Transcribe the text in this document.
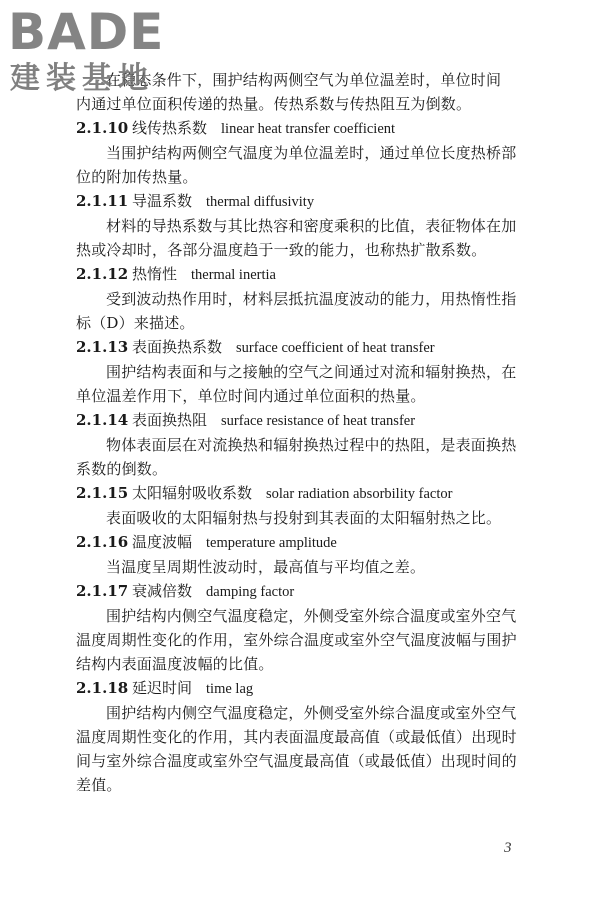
BADE
建装基地

在稳态条件下，围护结构两侧空气为单位温差时，单位时间

内通过单位面积传递的热量。传热系数与传热阻互为倒数。

2.1.10 线传热系数 linear heat transfer coefficient

当围护结构两侧空气温度为单位温差时，通过单位长度热桥部位的附加传热量。

2.1.11 导温系数 thermal diffusivity

材料的导热系数与其比热容和密度乘积的比值，表征物体在加热或冷却时，各部分温度趋于一致的能力，也称热扩散系数。

2.1.12 热惰性 thermal inertia

受到波动热作用时，材料层抵抗温度波动的能力，用热惰性指标（D）来描述。

2.1.13 表面换热系数 surface coefficient of heat transfer

围护结构表面和与之接触的空气之间通过对流和辐射换热，在单位温差作用下，单位时间内通过单位面积的热量。

2.1.14 表面换热阻 surface resistance of heat transfer

物体表面层在对流换热和辐射换热过程中的热阻，是表面换热系数的倒数。

2.1.15 太阳辐射吸收系数 solar radiation absorbility factor

表面吸收的太阳辐射热与投射到其表面的太阳辐射热之比。

2.1.16 温度波幅 temperature amplitude

当温度呈周期性波动时，最高值与平均值之差。

2.1.17 衰减倍数 damping factor

围护结构内侧空气温度稳定，外侧受室外综合温度或室外空气温度周期性变化的作用，室外综合温度或室外空气温度波幅与围护结构内表面温度波幅的比值。

2.1.18 延迟时间 time lag

围护结构内侧空气温度稳定，外侧受室外综合温度或室外空气温度周期性变化的作用，其内表面温度最高值（或最低值）出现时间与室外综合温度或室外空气温度最高值（或最低值）出现时间的差值。

3
